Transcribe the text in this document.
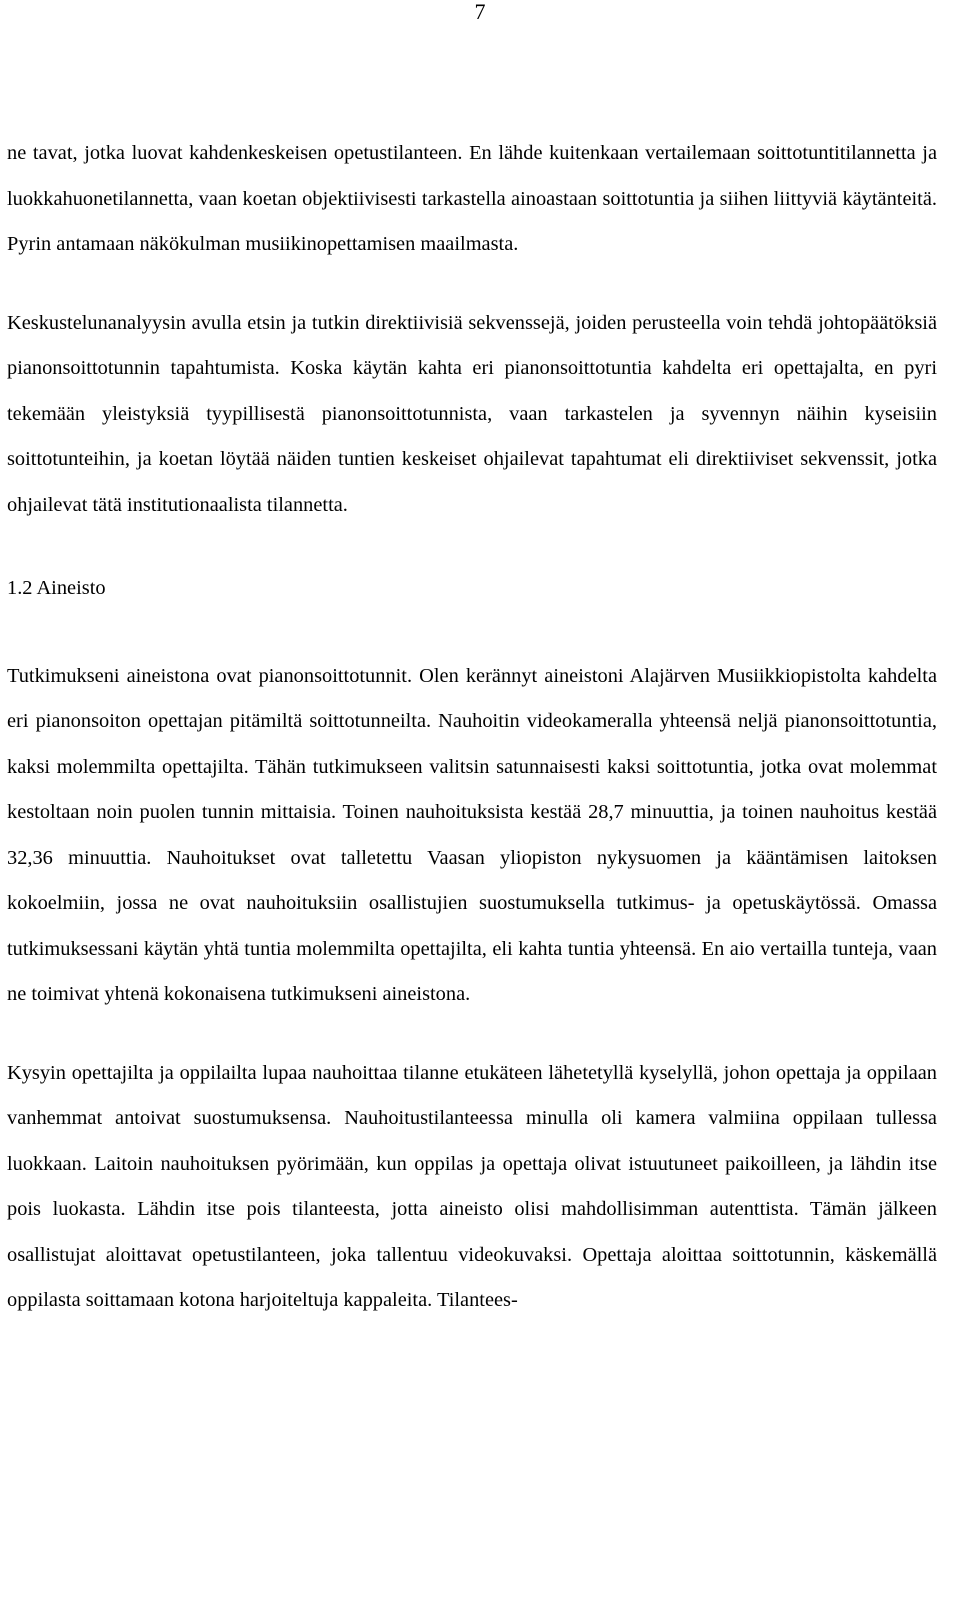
7

ne tavat, jotka luovat kahdenkeskeisen opetustilanteen. En lähde kuitenkaan vertailemaan soittotuntitilannetta ja luokkahuonetilannetta, vaan koetan objektiivisesti tarkastella ainoastaan soittotuntia ja siihen liittyviä käytänteitä. Pyrin antamaan näkökulman musiikinopettamisen maailmasta.

Keskustelunanalyysin avulla etsin ja tutkin direktiivisiä sekvenssejä, joiden perusteella voin tehdä johtopäätöksiä pianonsoittotunnin tapahtumista. Koska käytän kahta eri pianonsoittotuntia kahdelta eri opettajalta, en pyri tekemään yleistyksiä tyypillisestä pianonsoittotunnista, vaan tarkastelen ja syvennyn näihin kyseisiin soittotunteihin, ja koetan löytää näiden tuntien keskeiset ohjailevat tapahtumat eli direktiiviset sekvenssit, jotka ohjailevat tätä institutionaalista tilannetta.

1.2 Aineisto

Tutkimukseni aineistona ovat pianonsoittotunnit. Olen kerännyt aineistoni Alajärven Musiikkiopistolta kahdelta eri pianonsoiton opettajan pitämiltä soittotunneilta. Nauhoitin videokameralla yhteensä neljä pianonsoittotuntia, kaksi molemmilta opettajilta. Tähän tutkimukseen valitsin satunnaisesti kaksi soittotuntia, jotka ovat molemmat kestoltaan noin puolen tunnin mittaisia. Toinen nauhoituksista kestää 28,7 minuuttia, ja toinen nauhoitus kestää 32,36 minuuttia. Nauhoitukset ovat talletettu Vaasan yliopiston nykysuomen ja kääntämisen laitoksen kokoelmiin, jossa ne ovat nauhoituksiin osallistujien suostumuksella tutkimus- ja opetuskäytössä. Omassa tutkimuksessani käytän yhtä tuntia molemmilta opettajilta, eli kahta tuntia yhteensä. En aio vertailla tunteja, vaan ne toimivat yhtenä kokonaisena tutkimukseni aineistona.

Kysyin opettajilta ja oppilailta lupaa nauhoittaa tilanne etukäteen lähetetyllä kyselyllä, johon opettaja ja oppilaan vanhemmat antoivat suostumuksensa. Nauhoitustilanteessa minulla oli kamera valmiina oppilaan tullessa luokkaan. Laitoin nauhoituksen pyörimään, kun oppilas ja opettaja olivat istuutuneet paikoilleen, ja lähdin itse pois luokasta. Lähdin itse pois tilanteesta, jotta aineisto olisi mahdollisimman autenttista. Tämän jälkeen osallistujat aloittavat opetustilanteen, joka tallentuu videokuvaksi. Opettaja aloittaa soittotunnin, käskemällä oppilasta soittamaan kotona harjoiteltuja kappaleita. Tilantees-
